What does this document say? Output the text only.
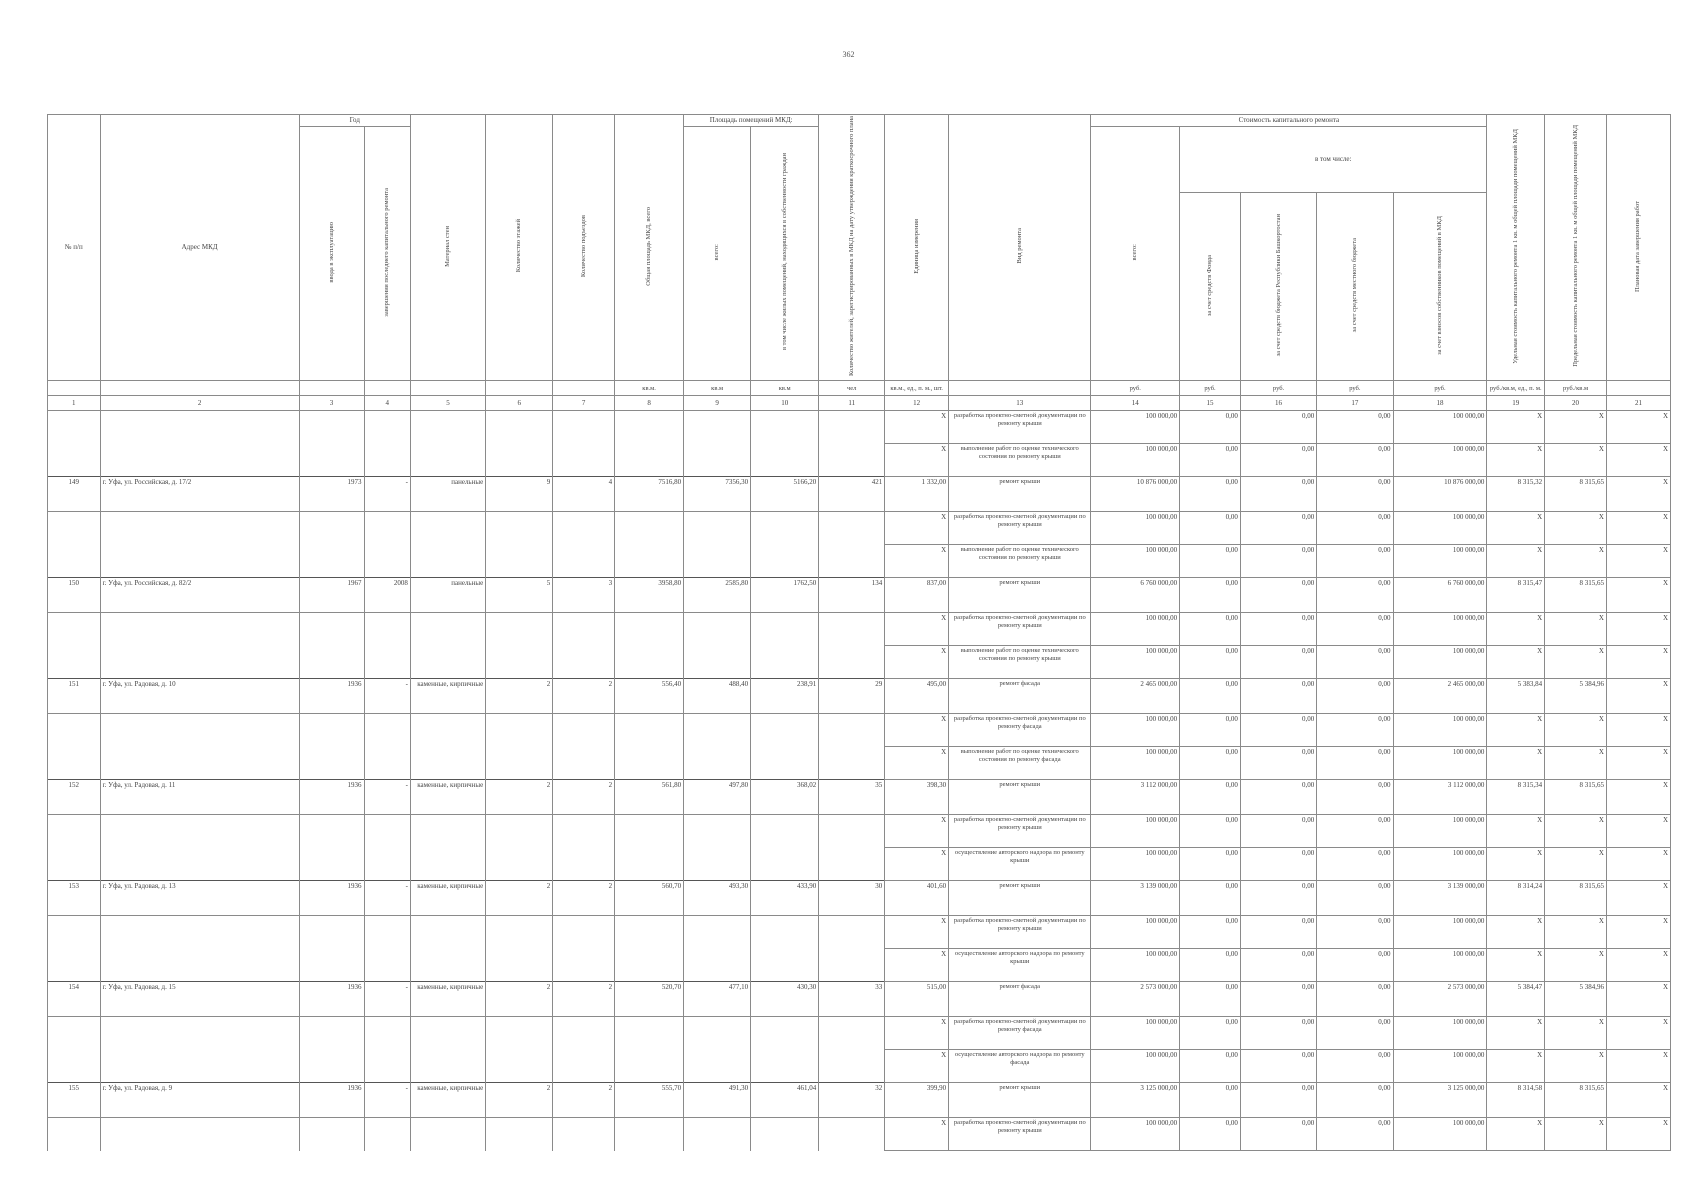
362
№ п/п	Адрес МКД	Год		Материал стен	Количество этажей	Количество подъездов	Общая площадь МКД, всего	Площадь помещений МКД:		Количество жителей, зарегистрированных в МКД на дату утверждения краткосрочного плана	Единица измерения	Вид ремонта	Стоимость капитального ремонта					Удельная стоимость капитального ремонта 1 кв. м общей площади помещений МКД	Предельная стоимость капитального ремонта 1 кв. м общей площади помещений МКД	Плановая дата завершения работ
		ввода в эксплуатацию	завершения последнего капитального ремонта					всего:	в том числе жилых помещений, находящихся в собственности граждан				всего:	в том числе:						
														за счет средств Фонда	за счет средств бюджета Республики Башкортостан	за счет средств местного бюджета	за счет взносов собственников помещений в МКД			
							кв.м.	кв.м	кв.м	чел	кв.м., ед., п. м., шт.		руб.	руб.	руб.	руб.	руб.	руб./кв.м, ед., п. м.	руб./кв.м	
1	2	3	4	5	6	7	8	9	10	11	12	13	14	15	16	17	18	19	20	21
											X	разработка проектно-сметной документации по ремонту крыши	100 000,00	0,00	0,00	0,00	100 000,00	X	X	X
											X	выполнение работ по оценке технического состояния по ремонту крыши	100 000,00	0,00	0,00	0,00	100 000,00	X	X	X
149	г. Уфа, ул. Российская, д. 17/2	1973	-	панельные	9	4	7516,80	7356,30	5166,20	421	1 332,00	ремонт крыши	10 876 000,00	0,00	0,00	0,00	10 876 000,00	8 315,32	8 315,65	X
											X	разработка проектно-сметной документации по ремонту крыши	100 000,00	0,00	0,00	0,00	100 000,00	X	X	X
											X	выполнение работ по оценке технического состояния по ремонту крыши	100 000,00	0,00	0,00	0,00	100 000,00	X	X	X
150	г. Уфа, ул. Российская, д. 82/2	1967	2008	панельные	5	3	3958,80	2585,80	1762,50	134	837,00	ремонт крыши	6 760 000,00	0,00	0,00	0,00	6 760 000,00	8 315,47	8 315,65	X
											X	разработка проектно-сметной документации по ремонту крыши	100 000,00	0,00	0,00	0,00	100 000,00	X	X	X
											X	выполнение работ по оценке технического состояния по ремонту крыши	100 000,00	0,00	0,00	0,00	100 000,00	X	X	X
151	г. Уфа, ул. Радовая, д. 10	1936	-	каменные, кирпичные	2	2	556,40	488,40	238,91	29	495,00	ремонт фасада	2 465 000,00	0,00	0,00	0,00	2 465 000,00	5 383,84	5 384,96	X
											X	разработка проектно-сметной документации по ремонту фасада	100 000,00	0,00	0,00	0,00	100 000,00	X	X	X
											X	выполнение работ по оценке технического состояния по ремонту фасада	100 000,00	0,00	0,00	0,00	100 000,00	X	X	X
152	г. Уфа, ул. Радовая, д. 11	1936	-	каменные, кирпичные	2	2	561,80	497,80	368,02	35	398,30	ремонт крыши	3 112 000,00	0,00	0,00	0,00	3 112 000,00	8 315,34	8 315,65	X
											X	разработка проектно-сметной документации по ремонту крыши	100 000,00	0,00	0,00	0,00	100 000,00	X	X	X
											X	осуществление авторского надзора по ремонту крыши	100 000,00	0,00	0,00	0,00	100 000,00	X	X	X
153	г. Уфа, ул. Радовая, д. 13	1936	-	каменные, кирпичные	2	2	560,70	493,30	433,90	30	401,60	ремонт крыши	3 139 000,00	0,00	0,00	0,00	3 139 000,00	8 314,24	8 315,65	X
											X	разработка проектно-сметной документации по ремонту крыши	100 000,00	0,00	0,00	0,00	100 000,00	X	X	X
											X	осуществление авторского надзора по ремонту крыши	100 000,00	0,00	0,00	0,00	100 000,00	X	X	X
154	г. Уфа, ул. Радовая, д. 15	1936	-	каменные, кирпичные	2	2	520,70	477,10	430,30	33	515,00	ремонт фасада	2 573 000,00	0,00	0,00	0,00	2 573 000,00	5 384,47	5 384,96	X
											X	разработка проектно-сметной документации по ремонту фасада	100 000,00	0,00	0,00	0,00	100 000,00	X	X	X
											X	осуществление авторского надзора по ремонту фасада	100 000,00	0,00	0,00	0,00	100 000,00	X	X	X
155	г. Уфа, ул. Радовая, д. 9	1936	-	каменные, кирпичные	2	2	555,70	491,30	461,04	32	399,90	ремонт крыши	3 125 000,00	0,00	0,00	0,00	3 125 000,00	8 314,58	8 315,65	X
											X	разработка проектно-сметной документации по ремонту крыши	100 000,00	0,00	0,00	0,00	100 000,00	X	X	X
